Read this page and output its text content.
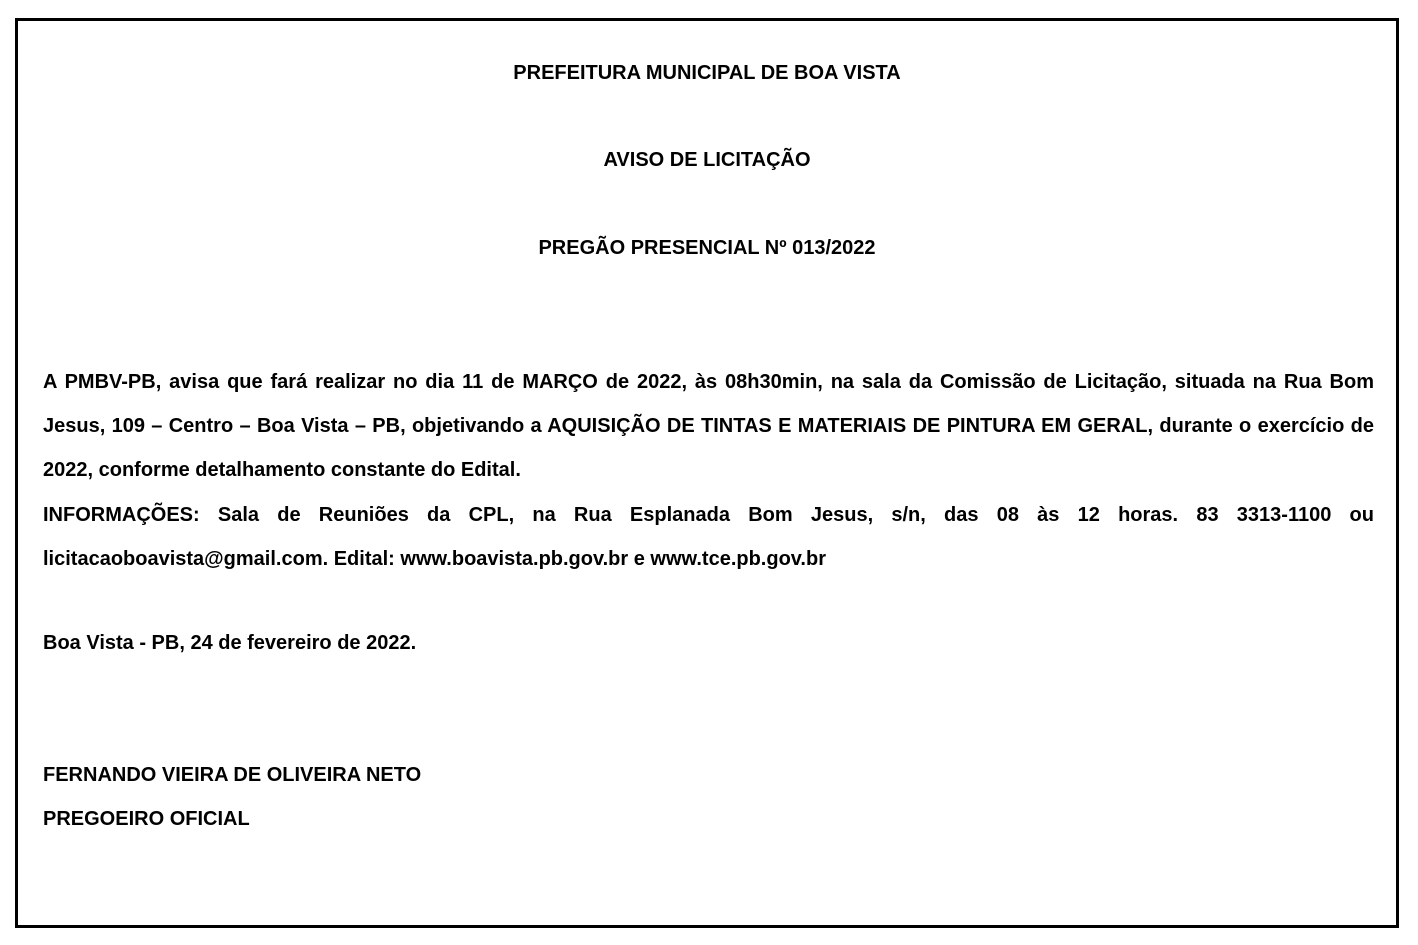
PREFEITURA MUNICIPAL DE BOA VISTA

AVISO DE LICITAÇÃO

PREGÃO PRESENCIAL Nº 013/2022

A PMBV-PB, avisa que fará realizar no dia 11 de MARÇO de 2022, às 08h30min, na sala da Comissão de Licitação, situada na Rua Bom Jesus, 109 – Centro – Boa Vista – PB, objetivando a AQUISIÇÃO DE TINTAS E MATERIAIS DE PINTURA EM GERAL, durante o exercício de 2022, conforme detalhamento constante do Edital.

INFORMAÇÕES: Sala de Reuniões da CPL, na Rua Esplanada Bom Jesus, s/n, das 08 às 12 horas. 83 3313-1100 ou licitacaoboavista@gmail.com. Edital: www.boavista.pb.gov.br e www.tce.pb.gov.br

Boa Vista - PB, 24 de fevereiro de 2022.

FERNANDO VIEIRA DE OLIVEIRA NETO

PREGOEIRO OFICIAL
